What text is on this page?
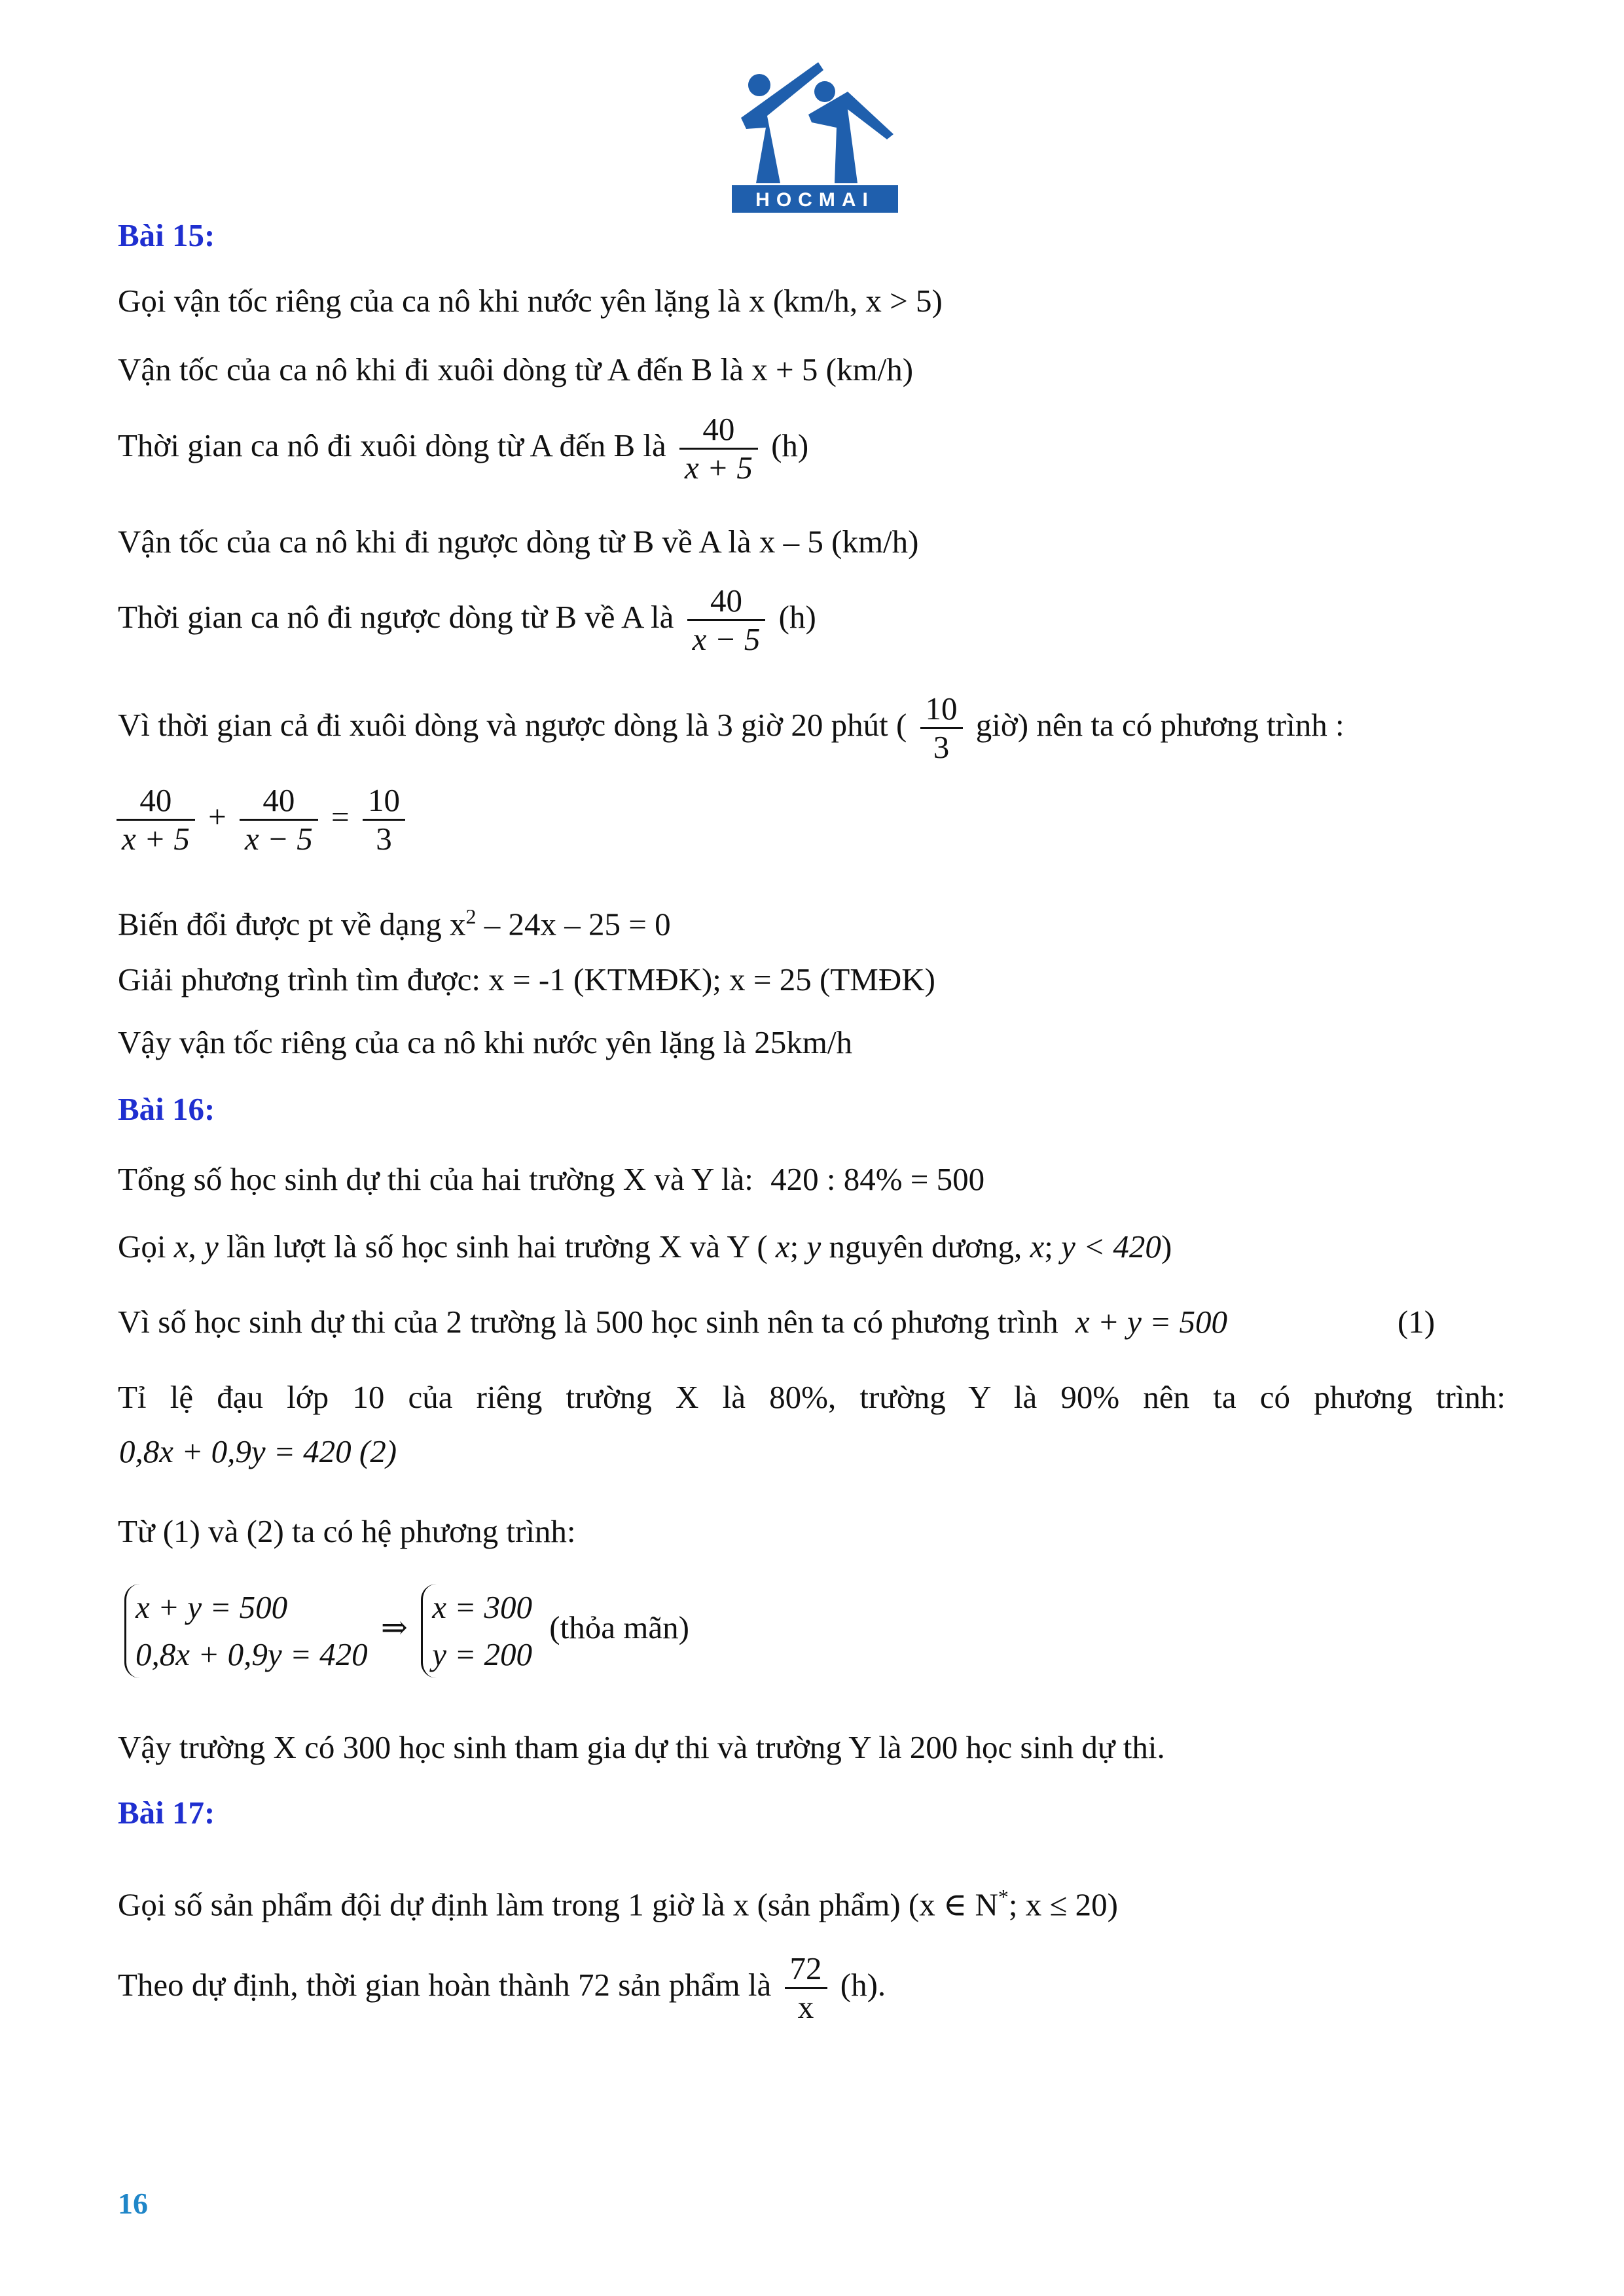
HOCMAI
Bài 15:
Gọi vận tốc riêng của ca nô khi nước yên lặng là x (km/h, x > 5)
Vận tốc của ca nô khi đi xuôi dòng từ A đến B là x + 5 (km/h)
Thời gian ca nô đi xuôi dòng từ A đến B là $\frac{40}{x + 5} (h)$
Vận tốc của ca nô khi đi ngược dòng từ B về A là x – 5 (km/h)
Thời gian ca nô đi ngược dòng từ B về A là $\frac{40}{x - 5} (h)$
Vì thời gian cả đi xuôi dòng và ngược dòng là 3 giờ 20 phút ( $\frac{10}{3}$ giờ) nên ta có phương trình :
$\frac{40}{x + 5} + \frac{40}{x - 5} = \frac{10}{3}$
Biến đổi được pt về dạng $x^2 - 24x - 25 = 0$
Giải phương trình tìm được: x = -1 (KTMĐK); x = 25 (TMĐK)
Vậy vận tốc riêng của ca nô khi nước yên lặng là 25km/h
Bài 16:
Tổng số học sinh dự thi của hai trường X và Y là: 420 : 84% = 500
Gọi x, y lần lượt là số học sinh hai trường X và Y ( x; y nguyên dương, x; y < 420)
Vì số học sinh dự thi của 2 trường là 500 học sinh nên ta có phương trình x + y = 500	(1)
Tỉ lệ đạu lớp 10 của riêng trường X là 80%, trường Y là 90% nên ta có phương trình:
0,8x + 0,9y = 420 (2)
Từ (1) và (2) ta có hệ phương trình:
x + y = 500
0,8x + 0,9y = 420
⇒
x = 300
y = 200
(thỏa mãn)
Vậy trường X có 300 học sinh tham gia dự thi và trường Y là 200 học sinh dự thi.
Bài 17:
Gọi số sản phẩm đội dự định làm trong 1 giờ là x (sản phẩm) (x ∈ N*; x ≤ 20)
Theo dự định, thời gian hoàn thành 72 sản phẩm là $\frac{72}{x} (h)$.
16
